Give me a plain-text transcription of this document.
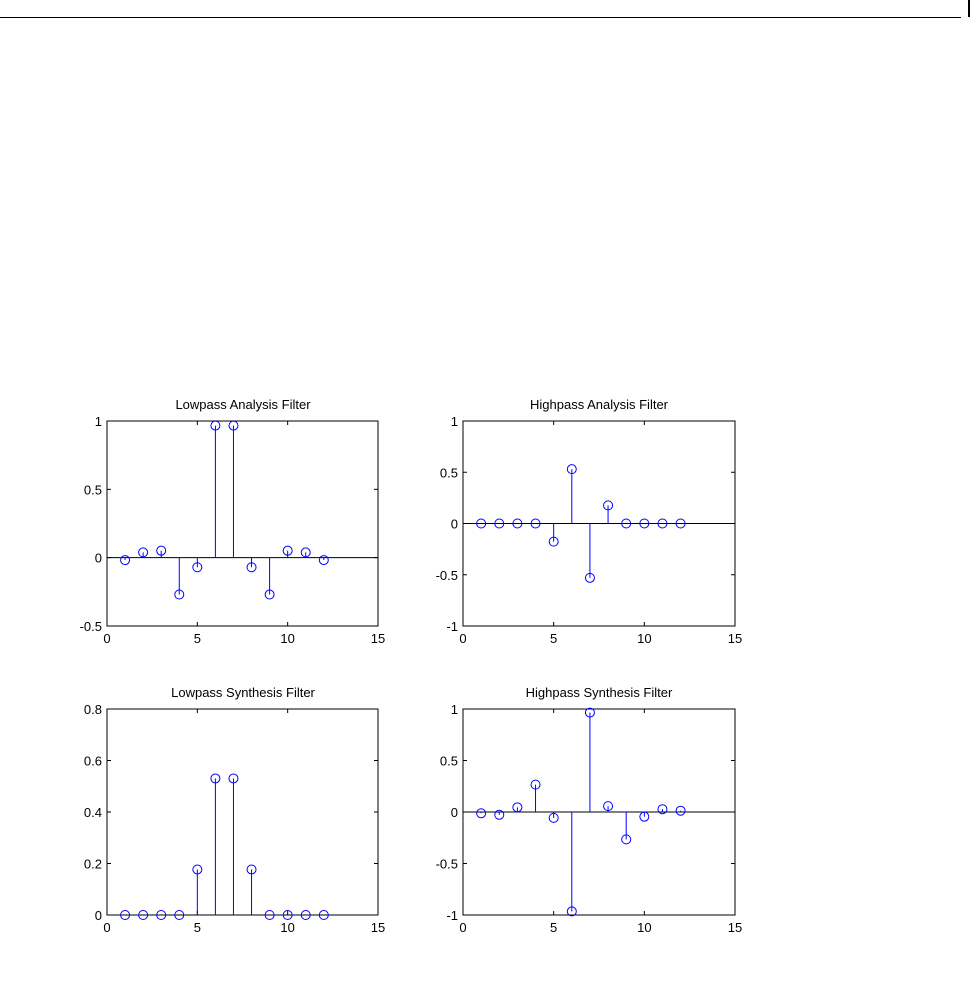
0	5	10	15
-0.5
0
0.5
1
Lowpass Analysis Filter
0	5	10	15
-1
-0.5
0
0.5
1
Highpass Analysis Filter
0	5	10	15
0
0.2
0.4
0.6
0.8
Lowpass Synthesis Filter
0	5	10	15
-1
-0.5
0
0.5
1
Highpass Synthesis Filter
